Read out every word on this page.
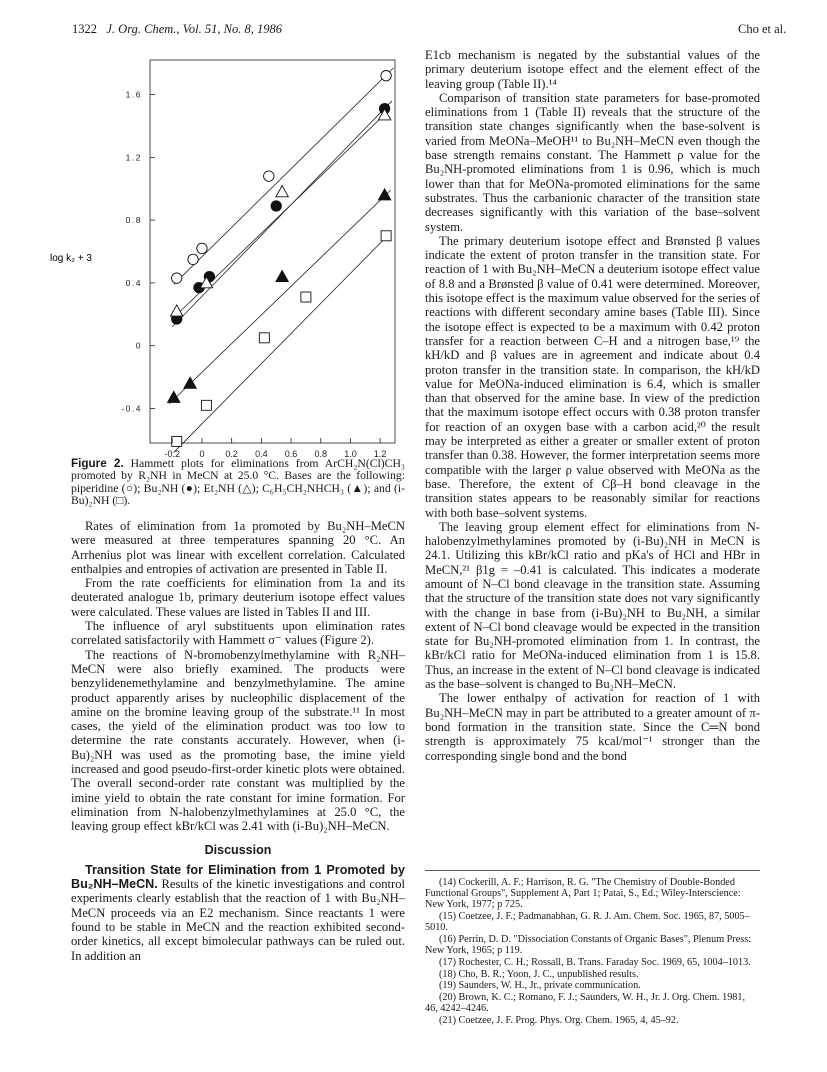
1322 J. Org. Chem., Vol. 51, No. 8, 1986	Cho et al.
-0.2 0 0.2 0.4 0.6 0.8 1.0 1.2
-0.4
0
0.4
0.8
1.2
1.6
log k₂ + 3
Figure 2. Hammett plots for eliminations from ArCH₂N(Cl)CH₃ promoted by R₂NH in MeCN at 25.0 °C. Bases are the following: piperidine (○); Bu₂NH (●); Et₂NH (△); C₆H₅CH₂NHCH₃ (▲); and (i-Bu)₂NH (□).

Rates of elimination from 1a promoted by Bu₂NH–MeCN were measured at three temperatures spanning 20 °C. An Arrhenius plot was linear with excellent correlation. Calculated enthalpies and entropies of activation are presented in Table II.

From the rate coefficients for elimination from 1a and its deuterated analogue 1b, primary deuterium isotope effect values were calculated. These values are listed in Tables II and III.

The influence of aryl substituents upon elimination rates correlated satisfactorily with Hammett σ⁻ values (Figure 2).

The reactions of N-bromobenzylmethylamine with R₂NH–MeCN were also briefly examined. The products were benzylidenemethylamine and benzylmethylamine. The amine product apparently arises by nucleophilic displacement of the amine on the bromine leaving group of the substrate.¹¹ In most cases, the yield of the elimination product was too low to determine the rate constants accurately. However, when (i-Bu)₂NH was used as the promoting base, the imine yield increased and good pseudo-first-order kinetic plots were obtained. The overall second-order rate constant was multiplied by the imine yield to obtain the rate constant for imine formation. For elimination from N-halobenzylmethylamines at 25.0 °C, the leaving group effect kBr/kCl was 2.41 with (i-Bu)₂NH–MeCN.

Discussion

Transition State for Elimination from 1 Promoted by Bu₂NH–MeCN. Results of the kinetic investigations and control experiments clearly establish that the reaction of 1 with Bu₂NH–MeCN proceeds via an E2 mechanism. Since reactants 1 were found to be stable in MeCN and the reaction exhibited second-order kinetics, all except bimolecular pathways can be ruled out. In addition an

E1cb mechanism is negated by the substantial values of the primary deuterium isotope effect and the element effect of the leaving group (Table II).¹⁴

Comparison of transition state parameters for base-promoted eliminations from 1 (Table II) reveals that the structure of the transition state changes significantly when the base-solvent is varied from MeONa–MeOH¹¹ to Bu₂NH–MeCN even though the base strength remains constant. The Hammett ρ value for the Bu₂NH-promoted eliminations from 1 is 0.96, which is much lower than that for MeONa-promoted eliminations for the same substrates. Thus the carbanionic character of the transition state decreases significantly with this variation of the base–solvent system.

The primary deuterium isotope effect and Brønsted β values indicate the extent of proton transfer in the transition state. For reaction of 1 with Bu₂NH–MeCN a deuterium isotope effect value of 8.8 and a Brønsted β value of 0.41 were determined. Moreover, this isotope effect is the maximum value observed for the series of reactions with different secondary amine bases (Table III). Since the isotope effect is expected to be a maximum with 0.42 proton transfer for a reaction between C–H and a nitrogen base,¹⁹ the kH/kD and β values are in agreement and indicate about 0.4 proton transfer in the transition state. In comparison, the kH/kD value for MeONa-induced elimination is 6.4, which is smaller than that observed for the amine base. In view of the prediction that the maximum isotope effect occurs with 0.38 proton transfer for reaction of an oxygen base with a carbon acid,²⁰ the result may be interpreted as either a greater or smaller extent of proton transfer than 0.38. However, the former interpretation seems more compatible with the larger ρ value observed with MeONa as the base. Therefore, the extent of Cβ–H bond cleavage in the transition states appears to be reasonably similar for reactions with both base–solvent systems.

The leaving group element effect for eliminations from N-halobenzylmethylamines promoted by (i-Bu)₂NH in MeCN is 24.1. Utilizing this kBr/kCl ratio and pKa's of HCl and HBr in MeCN,²¹ β1g = –0.41 is calculated. This indicates a moderate amount of N–Cl bond cleavage in the transition state. Assuming that the structure of the transition state does not vary significantly with the change in base from (i-Bu)₂NH to Bu₂NH, a similar extent of N–Cl bond cleavage would be expected in the transition state for Bu₂NH-promoted elimination from 1. In contrast, the kBr/kCl ratio for MeONa-induced elimination from 1 is 15.8. Thus, an increase in the extent of N–Cl bond cleavage is indicated as the base–solvent is changed to Bu₂NH–MeCN.

The lower enthalpy of activation for reaction of 1 with Bu₂NH–MeCN may in part be attributed to a greater amount of π-bond formation in the transition state. Since the C═N bond strength is approximately 75 kcal/mol⁻¹ stronger than the corresponding single bond and the bond

(14) Cockerill, A. F.; Harrison, R. G. "The Chemistry of Double-Bonded Functional Groups", Supplement A, Part 1; Patai, S., Ed.; Wiley-Interscience: New York, 1977; p 725.

(15) Coetzee, J. F.; Padmanabhan, G. R. J. Am. Chem. Soc. 1965, 87, 5005–5010.

(16) Perrin, D. D. "Dissociation Constants of Organic Bases", Plenum Press: New York, 1965; p 119.

(17) Rochester, C. H.; Rossall, B. Trans. Faraday Soc. 1969, 65, 1004–1013.

(18) Cho, B. R.; Yoon, J. C., unpublished results.

(19) Saunders, W. H., Jr., private communication.

(20) Brown, K. C.; Romano, F. J.; Saunders, W. H., Jr. J. Org. Chem. 1981, 46, 4242–4246.

(21) Coetzee, J. F. Prog. Phys. Org. Chem. 1965, 4, 45–92.
